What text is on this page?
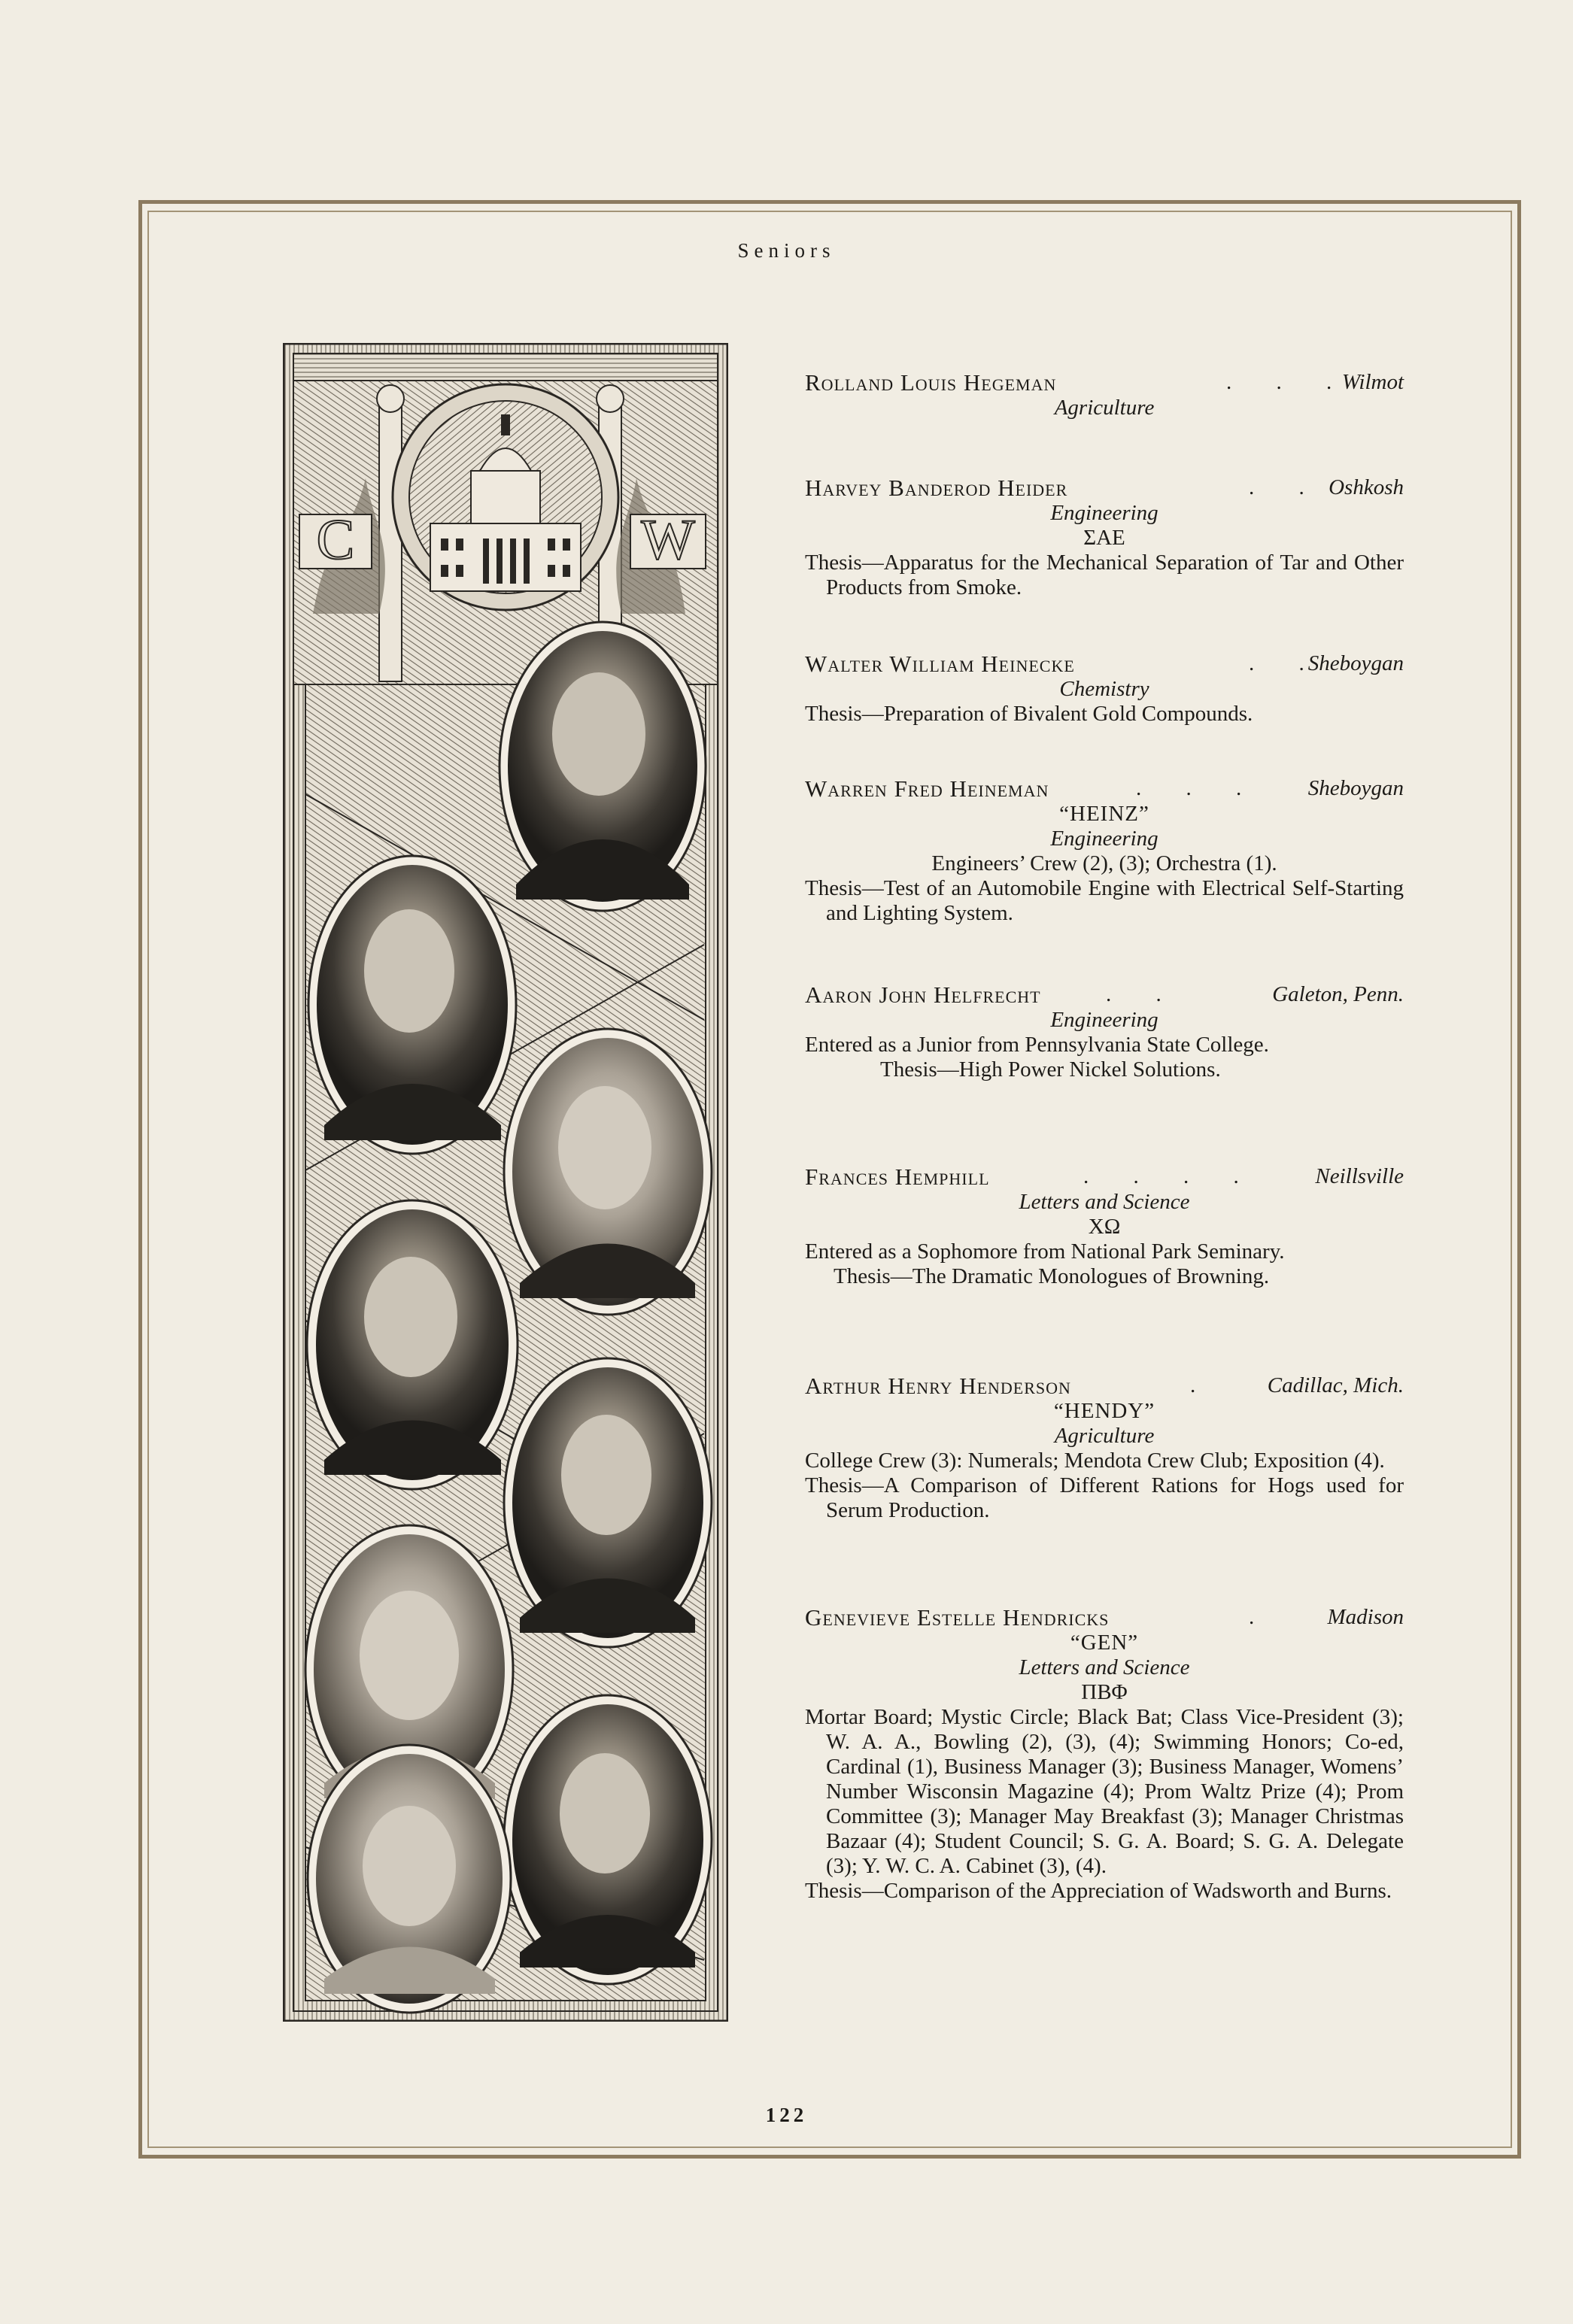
Seniors
C	W
Rolland Louis Hegeman	. . .
Wilmot
Agriculture
Harvey Banderod Heider	. . Oshkosh
Engineering
ΣAE
Thesis—Apparatus for the Mechanical Separation of Tar and Other Products from Smoke.
Walter William Heinecke	. .
Sheboygan
Chemistry
Thesis—Preparation of Bivalent Gold Compounds.
Warren Fred Heineman	. . . Sheboygan
“HEINZ”
Engineering
Engineers’ Crew (2), (3); Orchestra (1).
Thesis—Test of an Automobile Engine with Electrical Self-Starting and Lighting System.
Aaron John Helfrecht	. .	Galeton, Penn.
Engineering
Entered as a Junior from Pennsylvania State College.
Thesis—High Power Nickel Solutions.
Frances Hemphill	. . . .	Neillsville
Letters and Science
XΩ
Entered as a Sophomore from National Park Seminary.
Thesis—The Dramatic Monologues of Browning.
Arthur Henry Henderson	. Cadillac, Mich.
“HENDY”
Agriculture
College Crew (3): Numerals; Mendota Crew Club; Exposition (4).
Thesis—A Comparison of Different Rations for Hogs used for Serum Production.
Genevieve Estelle Hendricks	. Madison
“GEN”
Letters and Science
ΠBΦ
Mortar Board; Mystic Circle; Black Bat; Class Vice-President (3); W. A. A., Bowling (2), (3), (4); Swimming Honors; Co-ed, Cardinal (1), Business Manager (3); Business Manager, Womens’ Number Wisconsin Magazine (4); Prom Waltz Prize (4); Prom Committee (3); Manager May Breakfast (3); Manager Christmas Bazaar (4); Student Council; S. G. A. Board; S. G. A. Delegate (3); Y. W. C. A. Cabinet (3), (4).
Thesis—Comparison of the Appreciation of Wadsworth and Burns.
122
